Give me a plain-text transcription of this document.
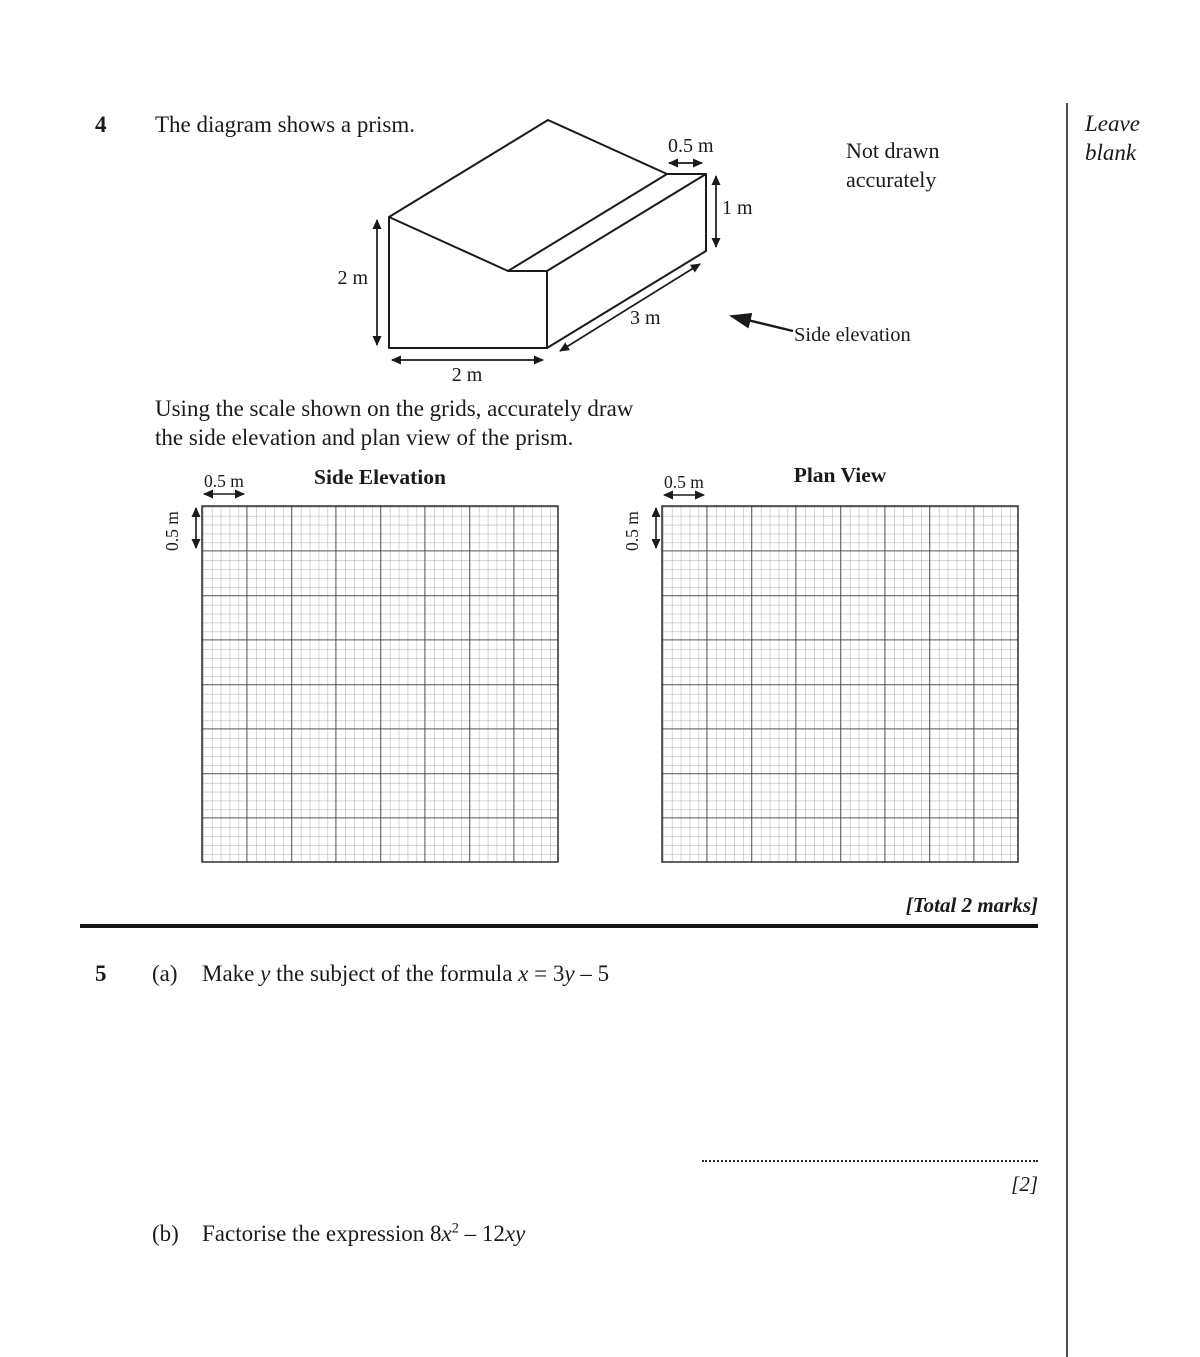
Leave
blank
4 The diagram shows a prism.
Not drawn
accurately
0.5 m
1 m
2 m
2 m
3 m
Side elevation
Using the scale shown on the grids, accurately draw
the side elevation and plan view of the prism.
Side Elevation
0.5 m
0.5 m
Plan View
0.5 m
0.5 m
[Total 2 marks]
5 (a) Make y the subject of the formula x = 3y – 5
[2]
(b) Factorise the expression $8x^2 - 12xy$
